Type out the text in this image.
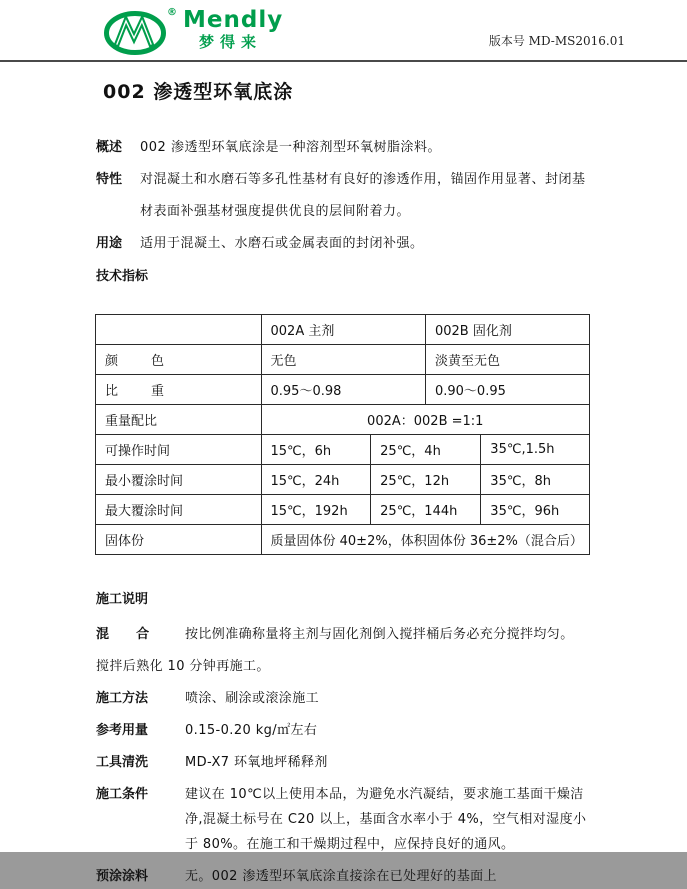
® Mendly
梦得来	版本号 MD-MS2016.01
002 渗透型环氧底涂
概述	002 渗透型环氧底涂是一种溶剂型环氧树脂涂料。
特性	对混凝土和水磨石等多孔性基材有良好的渗透作用，锚固作用显著、封闭基材表面补强基材强度提供优良的层间附着力。
用途	适用于混凝土、水磨石或金属表面的封闭补强。
技术指标
	002A 主剂		002B 固化剂	
颜        色	无色		淡黄至无色	
比        重	0.95～0.98		0.90～0.95	
重量配比	002A：002B =1:1			
可操作时间	15℃，6h	25℃，4h		35℃,1.5h
最小覆涂时间	15℃，24h	25℃，12h		35℃，8h
最大覆涂时间	15℃，192h	25℃，144h		35℃，96h
固体份	质量固体份 40±2%，体积固体份 36±2%（混合后）			
施工说明
混      合	按比例准确称量将主剂与固化剂倒入搅拌桶后务必充分搅拌均匀。
搅拌后熟化 10 分钟再施工。
施工方法	喷涂、刷涂或滚涂施工
参考用量	0.15-0.20 kg/㎡左右
工具清洗	MD-X7 环氧地坪稀释剂
施工条件	建议在 10℃以上使用本品，为避免水汽凝结，要求施工基面干燥洁净,混凝土标号在 C20 以上，基面含水率小于 4%，空气相对湿度小于 80%。在施工和干燥期过程中，应保持良好的通风。
预涂涂料	无。002 渗透型环氧底涂直接涂在已处理好的基面上
